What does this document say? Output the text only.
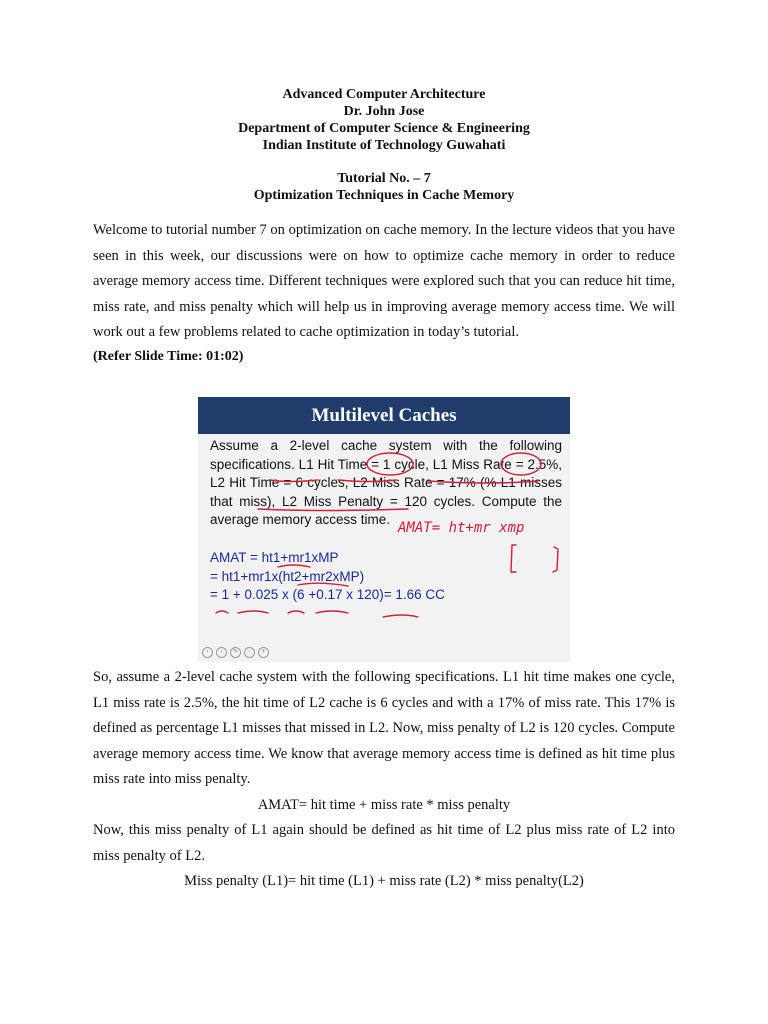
Advanced Computer Architecture
Dr. John Jose
Department of Computer Science & Engineering
Indian Institute of Technology Guwahati
Tutorial No. – 7
Optimization Techniques in Cache Memory

Welcome to tutorial number 7 on optimization on cache memory. In the lecture videos that you have seen in this week, our discussions were on how to optimize cache memory in order to reduce average memory access time. Different techniques were explored such that you can reduce hit time, miss rate, and miss penalty which will help us in improving average memory access time. We will work out a few problems related to cache optimization in today’s tutorial.

(Refer Slide Time: 01:02)

Multilevel Caches
Assume a 2-level cache system with the following specifications. L1 Hit Time = 1 cycle, L1 Miss Rate = 2.5%, L2 Hit Time = 6 cycles, L2 Miss Rate = 17% (% L1 misses that miss), L2 Miss Penalty = 120 cycles. Compute the average memory access time.
AMAT = ht1+mr1xMP
= ht1+mr1x(ht2+mr2xMP)
= 1 + 0.025 x (6 +0.17 x 120)= 1.66 CC
AMAT= ht+mr xmp
‹	›	✎	◦	+

So, assume a 2-level cache system with the following specifications. L1 hit time makes one cycle, L1 miss rate is 2.5%, the hit time of L2 cache is 6 cycles and with a 17% of miss rate. This 17% is defined as percentage L1 misses that missed in L2. Now, miss penalty of L2 is 120 cycles. Compute average memory access time. We know that average memory access time is defined as hit time plus miss rate into miss penalty.

AMAT= hit time + miss rate * miss penalty

Now, this miss penalty of L1 again should be defined as hit time of L2 plus miss rate of L2 into miss penalty of L2.

Miss penalty (L1)= hit time (L1) + miss rate (L2) * miss penalty(L2)
